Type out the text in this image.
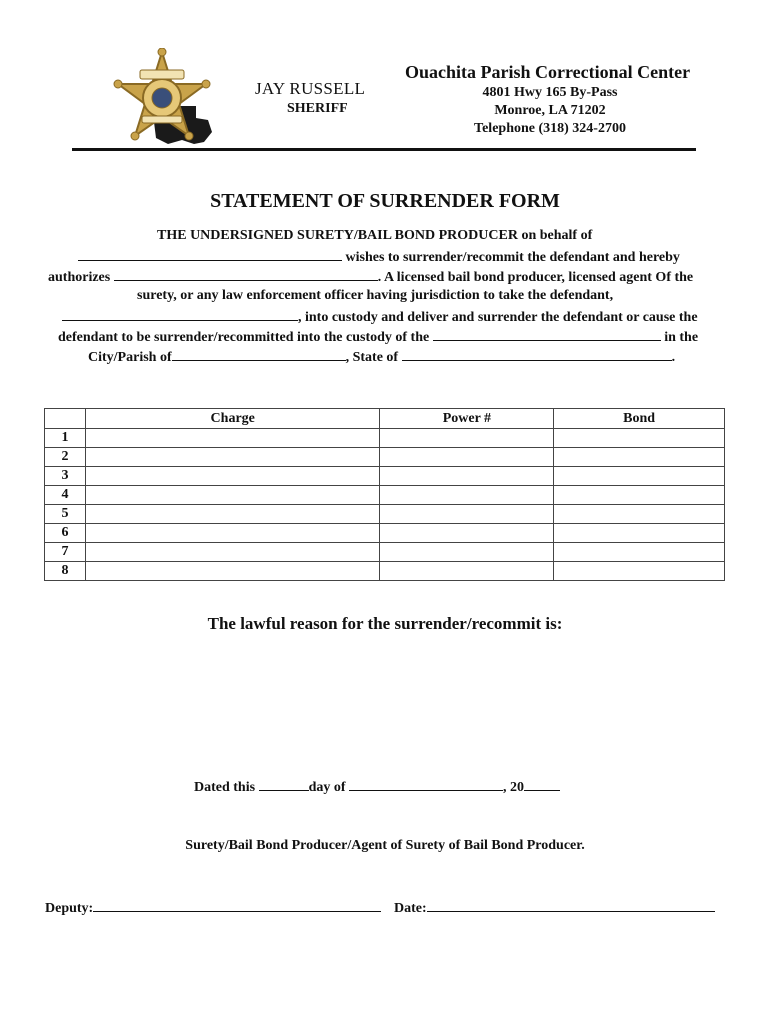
JAY RUSSELL
SHERIFF
Ouachita Parish Correctional Center
4801 Hwy 165 By-Pass
Monroe, LA 71202
Telephone (318) 324-2700
STATEMENT OF SURRENDER FORM
THE UNDERSIGNED SURETY/BAIL BOND PRODUCER on behalf of
wishes to surrender/recommit the defendant and hereby
authorizes	. A licensed bail bond producer, licensed agent Of the
surety, or any law enforcement officer having jurisdiction to take the defendant,
, into custody and deliver and surrender the defendant or cause the
defendant to be surrender/recommitted into the custody of the	in the
City/Parish of	, State of	.
	Charge	Power #	Bond
1			
2			
3			
4			
5			
6			
7			
8			
The lawful reason for the surrender/recommit is:
Dated this	day of	, 20
Surety/Bail Bond Producer/Agent of Surety of Bail Bond Producer.
Deputy:	Date:
